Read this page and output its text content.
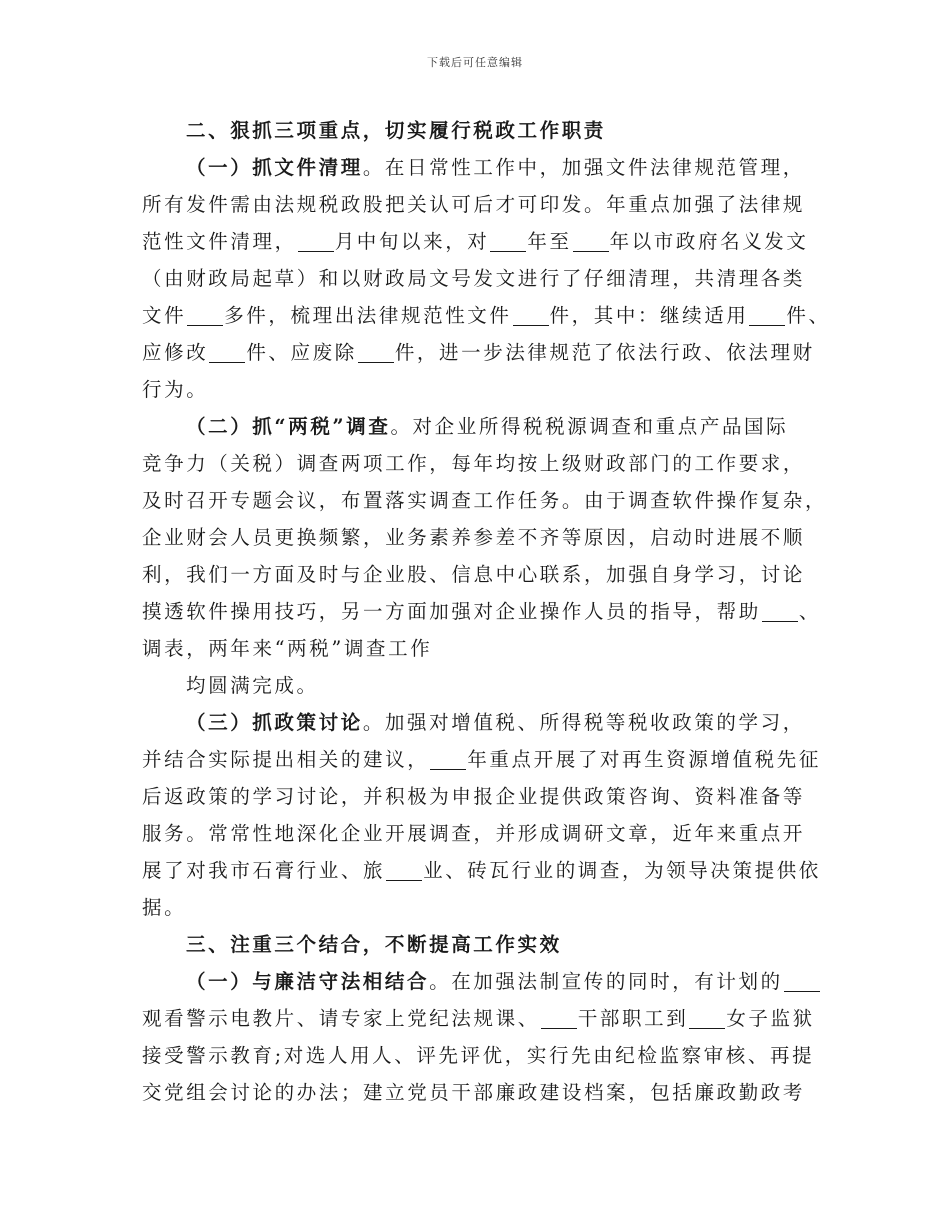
下载后可任意编辑
二、狠抓三项重点，切实履行税政工作职责
（一）抓文件清理。在日常性工作中，加强文件法律规范管理，
所有发件需由法规税政股把关认可后才可印发。年重点加强了法律规
范性文件清理， 月中旬以来，对 年至 年以市政府名义发文
（由财政局起草）和以财政局文号发文进行了仔细清理，共清理各类
文件 多件，梳理出法律规范性文件 件，其中：继续适用 件、
应修改 件、应废除 件，进一步法律规范了依法行政、依法理财
行为。
（二）抓“两税”调查。对企业所得税税源调查和重点产品国际
竞争力（关税）调查两项工作，每年均按上级财政部门的工作要求，
及时召开专题会议，布置落实调查工作任务。由于调查软件操作复杂，
企业财会人员更换频繁，业务素养参差不齐等原因，启动时进展不顺
利，我们一方面及时与企业股、信息中心联系，加强自身学习，讨论
摸透软件操用技巧，另一方面加强对企业操作人员的指导，帮助 、
调表，两年来“两税”调查工作
均圆满完成。
（三）抓政策讨论。加强对增值税、所得税等税收政策的学习，
并结合实际提出相关的建议， 年重点开展了对再生资源增值税先征
后返政策的学习讨论，并积极为申报企业提供政策咨询、资料准备等
服务。常常性地深化企业开展调查，并形成调研文章，近年来重点开
展了对我市石膏行业、旅 业、砖瓦行业的调查，为领导决策提供依
据。
三、注重三个结合，不断提高工作实效
（一）与廉洁守法相结合。在加强法制宣传的同时，有计划的
观看警示电教片、请专家上党纪法规课、 干部职工到 女子监狱
接受警示教育;对选人用人、评先评优，实行先由纪检监察审核、再提
交党组会讨论的办法；建立党员干部廉政建设档案，包括廉政勤政考
